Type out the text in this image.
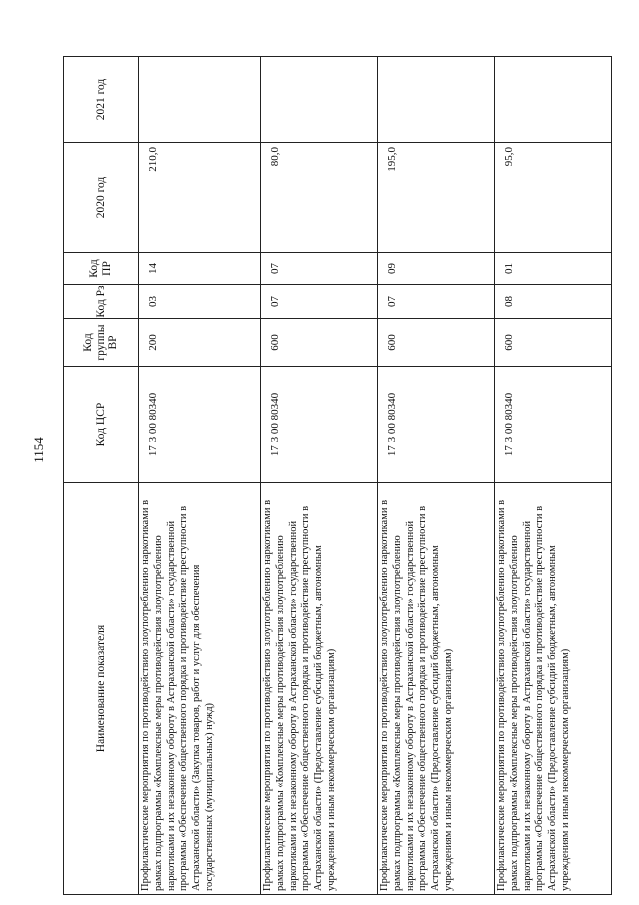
1154
Наименование показателя	Код ЦСР	Код группы ВР	Код Рз	Код ПР	2020 год	2021 год
Профилактические мероприятия по противодействию злоупотреблению наркотиками в рамках подпрограммы «Комплексные меры противодействия злоупотреблению наркотиками и их незаконному обороту в Астраханской области» государственной программы «Обеспечение общественного порядка и противодействие преступности в Астраханской области» (Закупка товаров, работ и услуг для обеспечения государственных (муниципальных) нужд)	17 3 00 80340	200	03	14	210,0	
Профилактические мероприятия по противодействию злоупотреблению наркотиками в рамках подпрограммы «Комплексные меры противодействия злоупотреблению наркотиками и их незаконному обороту в Астраханской области» государственной программы «Обеспечение общественного порядка и противодействие преступности в Астраханской области» (Предоставление субсидий бюджетным, автономным учреждениям и иным некоммерческим организациям)	17 3 00 80340	600	07	07	80,0	
Профилактические мероприятия по противодействию злоупотреблению наркотиками в рамках подпрограммы «Комплексные меры противодействия злоупотреблению наркотиками и их незаконному обороту в Астраханской области» государственной программы «Обеспечение общественного порядка и противодействие преступности в Астраханской области» (Предоставление субсидий бюджетным, автономным учреждениям и иным некоммерческим организациям)	17 3 00 80340	600	07	09	195,0	
Профилактические мероприятия по противодействию злоупотреблению наркотиками в рамках подпрограммы «Комплексные меры противодействия злоупотреблению наркотиками и их незаконному обороту в Астраханской области» государственной программы «Обеспечение общественного порядка и противодействие преступности в Астраханской области» (Предоставление субсидий бюджетным, автономным учреждениям и иным некоммерческим организациям)	17 3 00 80340	600	08	01	95,0	
